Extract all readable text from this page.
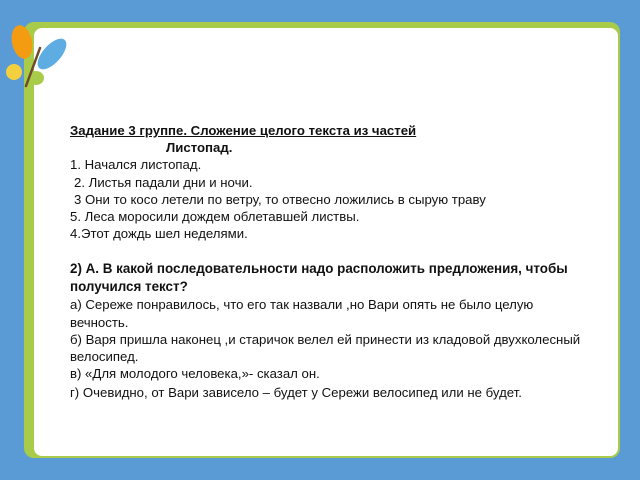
Задание 3 группе. Сложение целого текста из частей

Листопад.

1. Начался листопад.

2. Листья падали дни и ночи.

3 Они то косо летели по ветру, то отвесно ложились в сырую траву

5. Леса моросили дождем облетавшей листвы.

4.Этот дождь шел неделями.

2) А. В какой последовательности надо расположить предложения, чтобы получился текст?

а) Сереже понравилось, что его так назвали ,но Вари опять не было целую вечность.

б) Варя пришла наконец ,и старичок велел ей принести из кладовой двухколесный велосипед.

в) «Для молодого человека,»- сказал он.

г) Очевидно, от Вари зависело – будет у Сережи велосипед или не будет.
